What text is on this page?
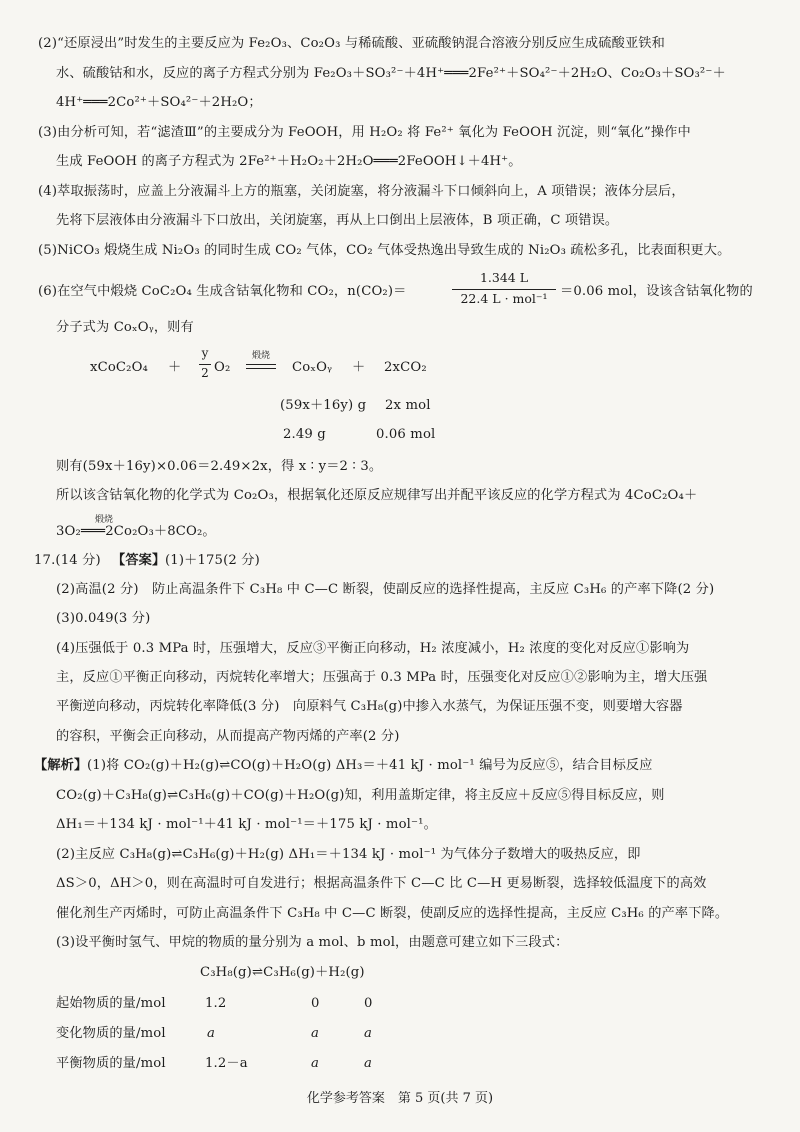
(2)“还原浸出”时发生的主要反应为 Fe₂O₃、Co₂O₃ 与稀硫酸、亚硫酸钠混合溶液分别反应生成硫酸亚铁和
水、硫酸钴和水，反应的离子方程式分别为 Fe₂O₃＋SO₃²⁻＋4H⁺═══2Fe²⁺＋SO₄²⁻＋2H₂O、Co₂O₃＋SO₃²⁻＋
4H⁺═══2Co²⁺＋SO₄²⁻＋2H₂O；
(3)由分析可知，若“滤渣Ⅲ”的主要成分为 FeOOH，用 H₂O₂ 将 Fe²⁺ 氧化为 FeOOH 沉淀，则“氧化”操作中
生成 FeOOH 的离子方程式为 2Fe²⁺＋H₂O₂＋2H₂O═══2FeOOH↓＋4H⁺。
(4)萃取振荡时，应盖上分液漏斗上方的瓶塞，关闭旋塞，将分液漏斗下口倾斜向上，A 项错误；液体分层后，
先将下层液体由分液漏斗下口放出，关闭旋塞，再从上口倒出上层液体，B 项正确，C 项错误。
(5)NiCO₃ 煅烧生成 Ni₂O₃ 的同时生成 CO₂ 气体，CO₂ 气体受热逸出导致生成的 Ni₂O₃ 疏松多孔，比表面积更大。
(6)在空气中煅烧 CoC₂O₄ 生成含钴氧化物和 CO₂，n(CO₂)＝
1.344 L
22.4 L · mol⁻¹ ＝0.06 mol，设该含钴氧化物的
分子式为 CoₓOᵧ，则有
xCoC₂O₄ ＋
y
2 O₂
煅烧
CoₓOᵧ ＋ 2xCO₂
(59x＋16y) g 2x mol
2.49 g	0.06 mol
则有(59x＋16y)×0.06＝2.49×2x，得 x ∶ y＝2 ∶ 3。
所以该含钴氧化物的化学式为 Co₂O₃，根据氧化还原反应规律写出并配平该反应的化学方程式为 4CoC₂O₄＋
煅烧
3O₂═══2Co₂O₃＋8CO₂。
17.(14 分) 【答案】 (1)＋175(2 分)
(2)高温(2 分)　防止高温条件下 C₃H₈ 中 C—C 断裂，使副反应的选择性提高，主反应 C₃H₆ 的产率下降(2 分)
(3)0.049(3 分)
(4)压强低于 0.3 MPa 时，压强增大，反应③平衡正向移动，H₂ 浓度减小，H₂ 浓度的变化对反应①影响为
主，反应①平衡正向移动，丙烷转化率增大；压强高于 0.3 MPa 时，压强变化对反应①②影响为主，增大压强
平衡逆向移动，丙烷转化率降低(3 分)　向原料气 C₃H₈(g)中掺入水蒸气，为保证压强不变，则要增大容器
的容积，平衡会正向移动，从而提高产物丙烯的产率(2 分)
【解析】 (1)将 CO₂(g)＋H₂(g)⇌CO(g)＋H₂O(g) ΔH₃＝＋41 kJ · mol⁻¹ 编号为反应⑤，结合目标反应
CO₂(g)＋C₃H₈(g)⇌C₃H₆(g)＋CO(g)＋H₂O(g)知，利用盖斯定律，将主反应＋反应⑤得目标反应，则
ΔH₁＝＋134 kJ · mol⁻¹＋41 kJ · mol⁻¹＝＋175 kJ · mol⁻¹。
(2)主反应 C₃H₈(g)⇌C₃H₆(g)＋H₂(g) ΔH₁＝＋134 kJ · mol⁻¹ 为气体分子数增大的吸热反应，即
ΔS＞0，ΔH＞0，则在高温时可自发进行；根据高温条件下 C—C 比 C—H 更易断裂，选择较低温度下的高效
催化剂生产丙烯时，可防止高温条件下 C₃H₈ 中 C—C 断裂，使副反应的选择性提高，主反应 C₃H₆ 的产率下降。
(3)设平衡时氢气、甲烷的物质的量分别为 a mol、b mol，由题意可建立如下三段式：
C₃H₈(g)⇌C₃H₆(g)＋H₂(g)
起始物质的量/mol	1.2	0	0
变化物质的量/mol	a	a	a
平衡物质的量/mol	1.2－a	a	a
化学参考答案　第 5 页(共 7 页)
